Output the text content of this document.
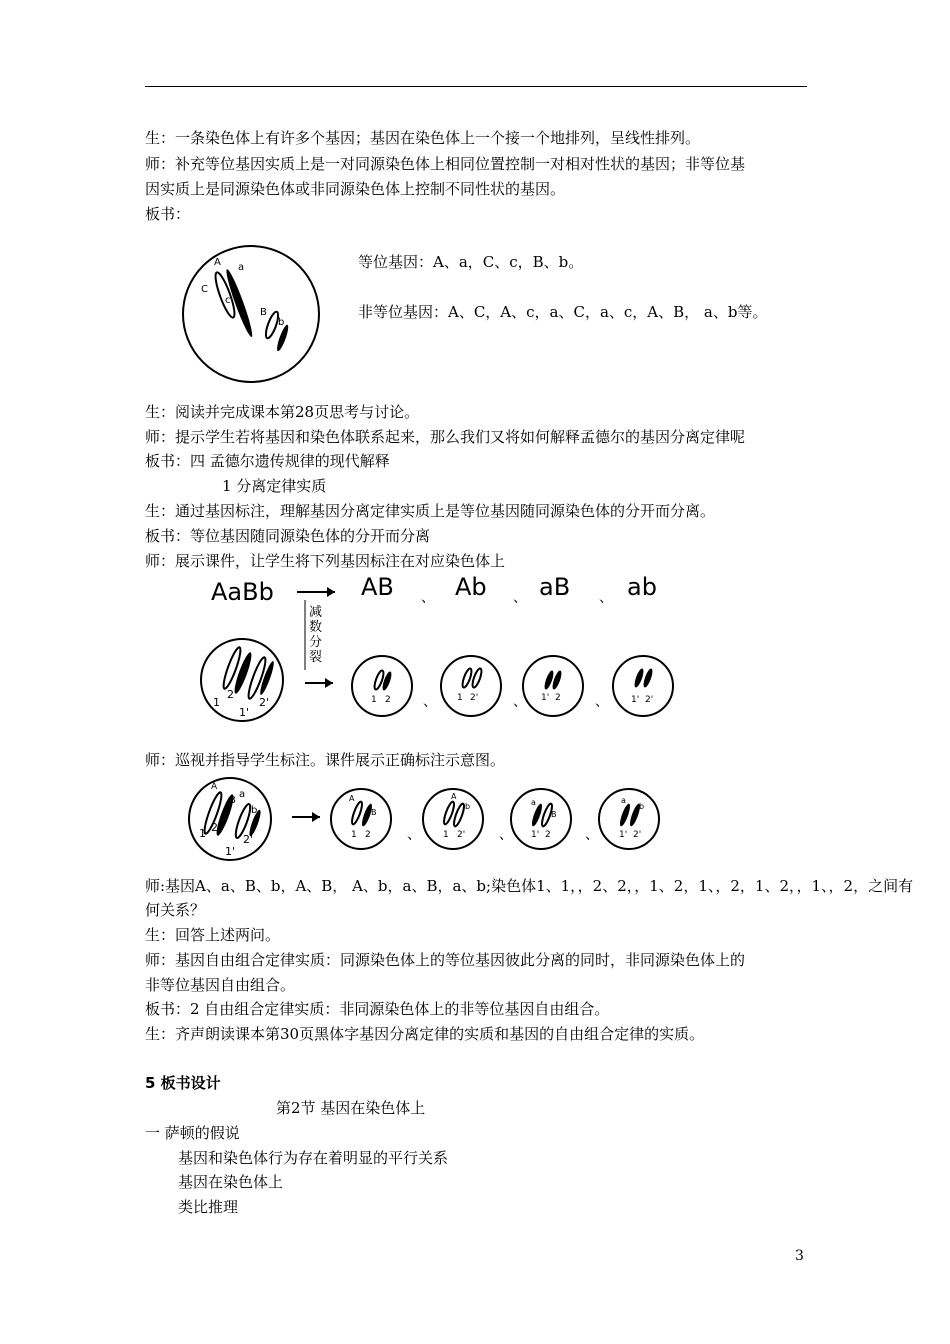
生：一条染色体上有许多个基因；基因在染色体上一个接一个地排列，呈线性排列。
师：补充等位基因实质上是一对同源染色体上相同位置控制一对相对性状的基因；非等位基
因实质上是同源染色体或非同源染色体上控制不同性状的基因。
板书：
A a
C
c
B
b
等位基因：A、a，C、c，B、b。
非等位基因：A、C，A、c，a、C，a、c，A、B， a、b等。
生：阅读并完成课本第28页思考与讨论。
师：提示学生若将基因和染色体联系起来，那么我们又将如何解释孟德尔的基因分离定律呢
板书：四 孟德尔遗传规律的现代解释
1 分离定律实质
生：通过基因标注，理解基因分离定律实质上是等位基因随同源染色体的分开而分离。
板书：等位基因随同源染色体的分开而分离
师：展示课件，让学生将下列基因标注在对应染色体上
AaBb	AB 、 Ab 、 aB 、 ab
减
数
分
裂
1
2
1'
2'	1 2 、 1 2' 、 1' 2 、 1' 2'
师：巡视并指导学生标注。课件展示正确标注示意图。
A
B
a
b
1 2
1'
2'
A
B
1 2	、
A
b
1 2' 、
a
B
1' 2 、
a
b
1' 2'
师:基因A、a、B、b，A、B， A、b，a、B，a、b;染色体1、1，，2、2，，1、2，1、，2，1、2，，1、，2，之间有
何关系？
生：回答上述两问。
师：基因自由组合定律实质：同源染色体上的等位基因彼此分离的同时，非同源染色体上的
非等位基因自由组合。
板书：2 自由组合定律实质：非同源染色体上的非等位基因自由组合。
生：齐声朗读课本第30页黑体字基因分离定律的实质和基因的自由组合定律的实质。
5 板书设计
第2节 基因在染色体上
一 萨顿的假说
基因和染色体行为存在着明显的平行关系
基因在染色体上
类比推理
3
